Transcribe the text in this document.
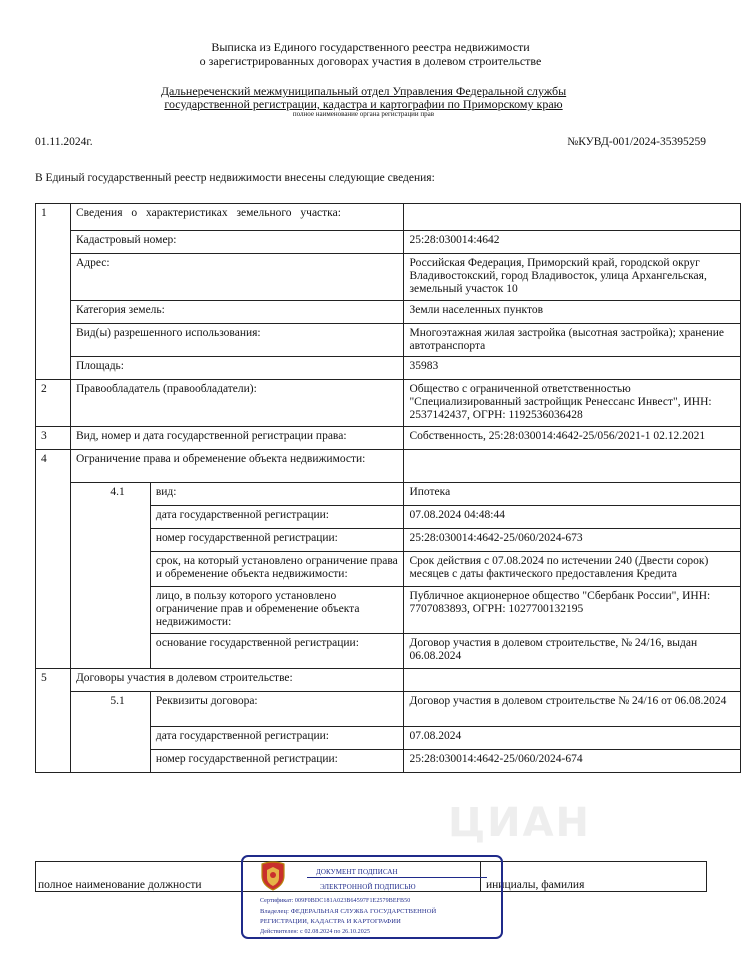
Выписка из Единого государственного реестра недвижимости
о зарегистрированных договорах участия в долевом строительстве
Дальнереченский межмуниципальный отдел Управления Федеральной службы
государственной регистрации, кадастра и картографии по Приморскому краю
полное наименование органа регистрации прав
01.11.2024г.	№КУВД-001/2024-35395259
В Единый государственный реестр недвижимости внесены следующие сведения:
ЦИАН
1	Сведения о характеристиках земельного участка:			
	Кадастровый номер:			25:28:030014:4642
	Адрес:			Российская Федерация, Приморский край, городской округ Владивостокский, город Владивосток, улица Архангельская, земельный участок 10
	Категория земель:			Земли населенных пунктов
	Вид(ы) разрешенного использования:			Многоэтажная жилая застройка (высотная застройка); хранение автотранспорта
	Площадь:			35983
2	Правообладатель (правообладатели):			Общество с ограниченной ответственностью "Специализированный застройщик Ренессанс Инвест", ИНН: 2537142437, ОГРН: 1192536036428
3	Вид, номер и дата государственной регистрации права:			Собственность, 25:28:030014:4642-25/056/2021-1 02.12.2021
4	Ограничение права и обременение объекта недвижимости:			
		4.1	вид:	Ипотека
			дата государственной регистрации:	07.08.2024 04:48:44
			номер государственной регистрации:	25:28:030014:4642-25/060/2024-673
			срок, на который установлено ограничение права и обременение объекта недвижимости:	Срок действия с 07.08.2024 по истечении 240 (Двести сорок) месяцев с даты фактического предоставления Кредита
			лицо, в пользу которого установлено ограничение прав и обременение объекта недвижимости:	Публичное акционерное общество "Сбербанк России", ИНН: 7707083893, ОГРН: 1027700132195
			основание государственной регистрации:	Договор участия в долевом строительстве, № 24/16, выдан 06.08.2024
5	Договоры участия в долевом строительстве:			
		5.1	Реквизиты договора:	Договор участия в долевом строительстве № 24/16 от 06.08.2024
			дата государственной регистрации:	07.08.2024
			номер государственной регистрации:	25:28:030014:4642-25/060/2024-674
полное наименование должности	инициалы, фамилия
ДОКУМЕНТ ПОДПИСАН
ЭЛЕКТРОННОЙ ПОДПИСЬЮ
Сертификат: 009F0BDC181A023B64597F1E2579BEFB50
Владелец: ФЕДЕРАЛЬНАЯ СЛУЖБА ГОСУДАРСТВЕННОЙ
РЕГИСТРАЦИИ, КАДАСТРА И КАРТОГРАФИИ
Действителен: с 02.08.2024 по 26.10.2025
